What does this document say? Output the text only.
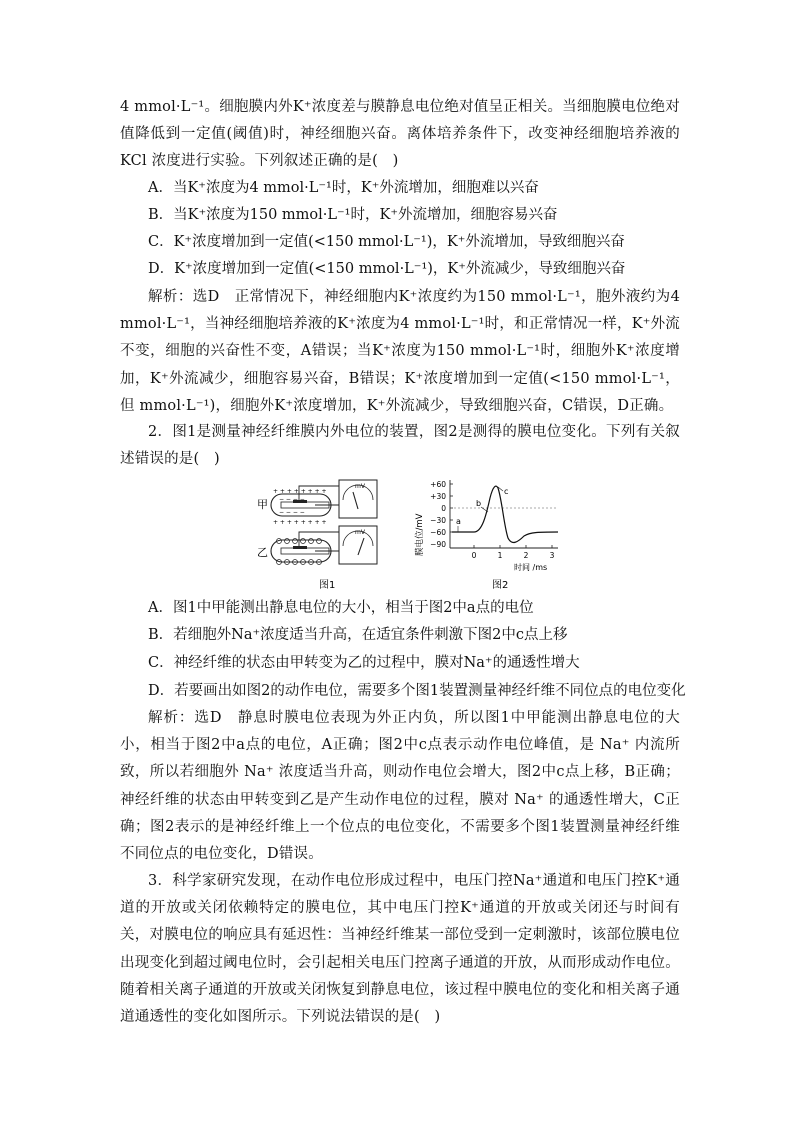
4 mmol·L⁻¹。细胞膜内外K⁺浓度差与膜静息电位绝对值呈正相关。当细胞膜电位绝对值降低到一定值(阈值)时，神经细胞兴奋。离体培养条件下，改变神经细胞培养液的KCl 浓度进行实验。下列叙述正确的是(　)
A．当K⁺浓度为4 mmol·L⁻¹时，K⁺外流增加，细胞难以兴奋
B．当K⁺浓度为150 mmol·L⁻¹时，K⁺外流增加，细胞容易兴奋
C．K⁺浓度增加到一定值(<150 mmol·L⁻¹)，K⁺外流增加，导致细胞兴奋
D．K⁺浓度增加到一定值(<150 mmol·L⁻¹)，K⁺外流减少，导致细胞兴奋
解析：选D　正常情况下，神经细胞内K⁺浓度约为150 mmol·L⁻¹，胞外液约为4 mmol·L⁻¹，当神经细胞培养液的K⁺浓度为4 mmol·L⁻¹时，和正常情况一样，K⁺外流不变，细胞的兴奋性不变，A错误；当K⁺浓度为150 mmol·L⁻¹时，细胞外K⁺浓度增加，K⁺外流减少，细胞容易兴奋，B错误；K⁺浓度增加到一定值(<150 mmol·L⁻¹，但 mmol·L⁻¹)，细胞外K⁺浓度增加，K⁺外流减少，导致细胞兴奋，C错误，D正确。
2．图1是测量神经纤维膜内外电位的装置，图2是测得的膜电位变化。下列有关叙述错误的是(　)
甲
+ + + + + + + +
+ + + + + + + +
− − − −
− − − −
mV
乙
mV
图1
膜电位/mV
+60
+30
0
−30
−60
−90
a
b
c
0	1	2	3
时间 /ms
图2
A．图1中甲能测出静息电位的大小，相当于图2中a点的电位
B．若细胞外Na⁺浓度适当升高，在适宜条件刺激下图2中c点上移
C．神经纤维的状态由甲转变为乙的过程中，膜对Na⁺的通透性增大
D．若要画出如图2的动作电位，需要多个图1装置测量神经纤维不同位点的电位变化
解析：选D　静息时膜电位表现为外正内负，所以图1中甲能测出静息电位的大小，相当于图2中a点的电位，A正确；图2中c点表示动作电位峰值，是 Na⁺ 内流所致，所以若细胞外 Na⁺ 浓度适当升高，则动作电位会增大，图2中c点上移，B正确；神经纤维的状态由甲转变到乙是产生动作电位的过程，膜对 Na⁺ 的通透性增大，C正确；图2表示的是神经纤维上一个位点的电位变化，不需要多个图1装置测量神经纤维不同位点的电位变化，D错误。
3．科学家研究发现，在动作电位形成过程中，电压门控Na⁺通道和电压门控K⁺通道的开放或关闭依赖特定的膜电位，其中电压门控K⁺通道的开放或关闭还与时间有关，对膜电位的响应具有延迟性：当神经纤维某一部位受到一定刺激时，该部位膜电位出现变化到超过阈电位时，会引起相关电压门控离子通道的开放，从而形成动作电位。随着相关离子通道的开放或关闭恢复到静息电位，该过程中膜电位的变化和相关离子通道通透性的变化如图所示。下列说法错误的是(　)
